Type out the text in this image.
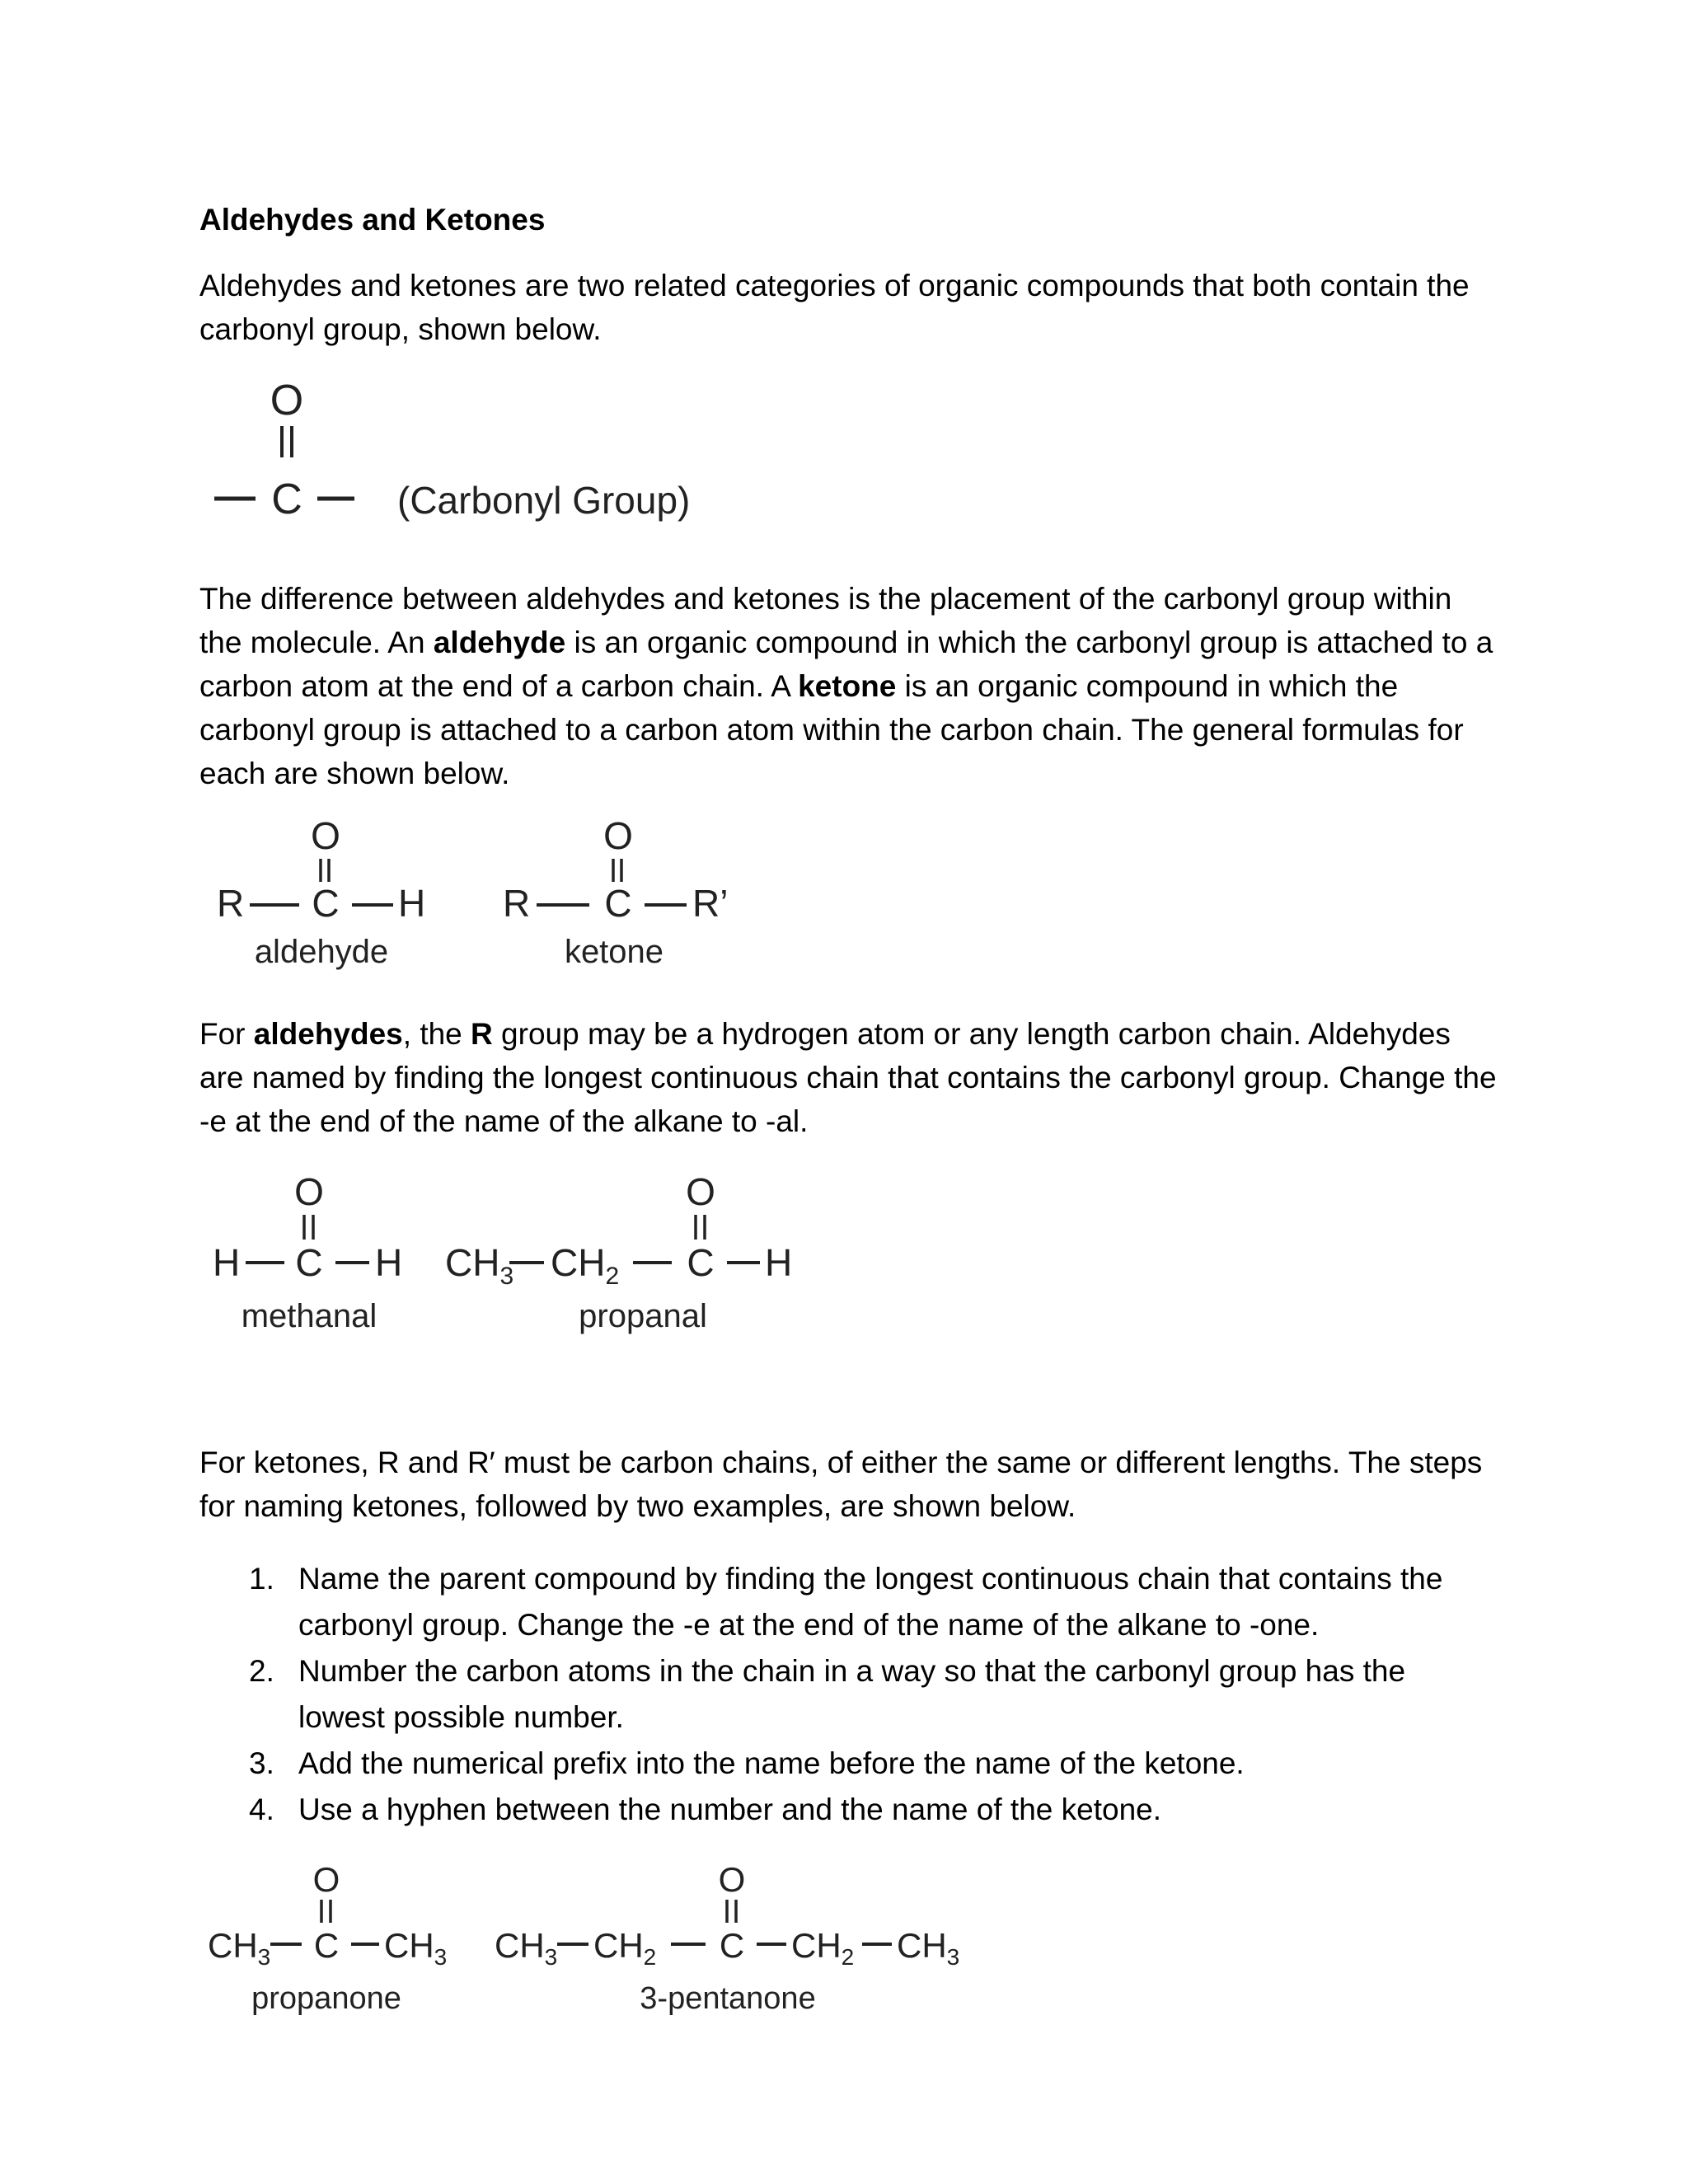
Aldehydes and Ketones

Aldehydes and ketones are two related categories of organic compounds that both contain the carbonyl group, shown below.

O
C	(Carbonyl Group)

The difference between aldehydes and ketones is the placement of the carbonyl group within the molecule. An aldehyde is an organic compound in which the carbonyl group is attached to a carbon atom at the end of a carbon chain. A ketone is an organic compound in which the carbonyl group is attached to a carbon atom within the carbon chain. The general formulas for each are shown below.

O
R C H
aldehyde
O
R C R’
ketone

For aldehydes, the R group may be a hydrogen atom or any length carbon chain. Aldehydes are named by finding the longest continuous chain that contains the carbonyl group. Change the -e at the end of the name of the alkane to -al.

O
H C H
methanal
O
$CH_3$ $CH_2$ C H
propanal

For ketones, R and R′ must be carbon chains, of either the same or different lengths. The steps for naming ketones, followed by two examples, are shown below.

1. Name the parent compound by finding the longest continuous chain that contains the
carbonyl group. Change the -e at the end of the name of the alkane to -one.
2. Number the carbon atoms in the chain in a way so that the carbonyl group has the
lowest possible number.
3. Add the numerical prefix into the name before the name of the ketone.
4. Use a hyphen between the number and the name of the ketone.
O
$CH_3$ C $CH_3$
propanone
O
$CH_3$ $CH_2$ C $CH_2$ $CH_3$
3-pentanone
